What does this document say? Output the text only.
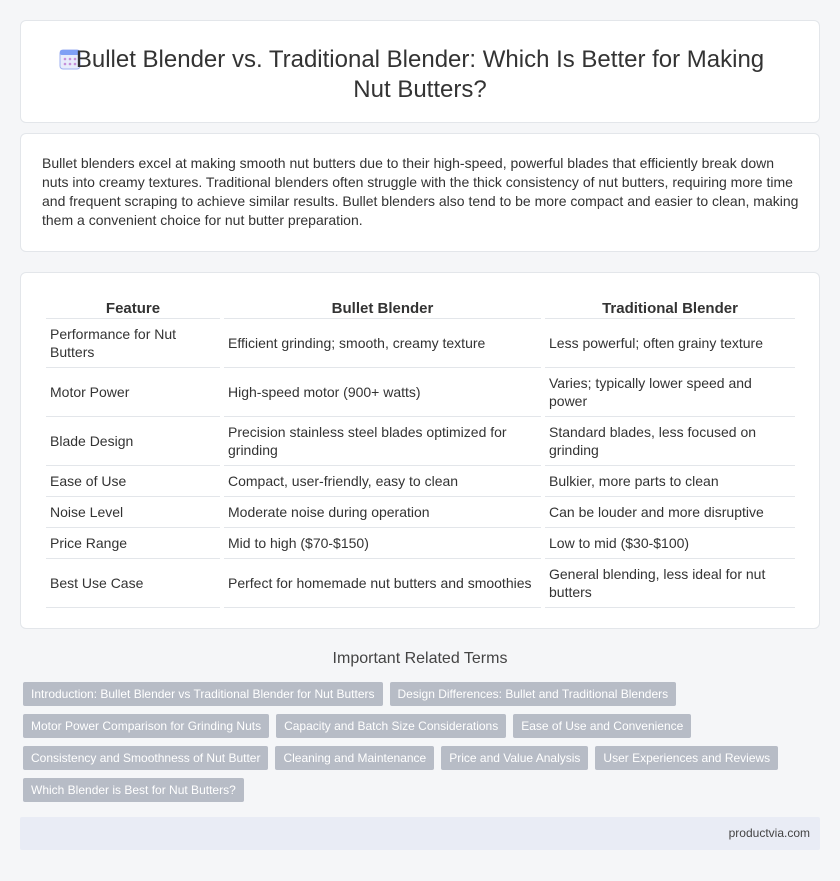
Bullet Blender vs. Traditional Blender: Which Is Better for Making Nut Butters?

Bullet blenders excel at making smooth nut butters due to their high-speed, powerful blades that efficiently break down nuts into creamy textures. Traditional blenders often struggle with the thick consistency of nut butters, requiring more time and frequent scraping to achieve similar results. Bullet blenders also tend to be more compact and easier to clean, making them a convenient choice for nut butter preparation.

Feature	Bullet Blender	Traditional Blender
Performance for Nut Butters	Efficient grinding; smooth, creamy texture	Less powerful; often grainy texture
Motor Power	High-speed motor (900+ watts)	Varies; typically lower speed and power
Blade Design	Precision stainless steel blades optimized for grinding	Standard blades, less focused on grinding
Ease of Use	Compact, user-friendly, easy to clean	Bulkier, more parts to clean
Noise Level	Moderate noise during operation	Can be louder and more disruptive
Price Range	Mid to high ($70-$150)	Low to mid ($30-$100)
Best Use Case	Perfect for homemade nut butters and smoothies	General blending, less ideal for nut butters
Important Related Terms
Introduction: Bullet Blender vs Traditional Blender for Nut Butters	Design Differences: Bullet and Traditional Blenders
Motor Power Comparison for Grinding Nuts	Capacity and Batch Size Considerations	Ease of Use and Convenience
Consistency and Smoothness of Nut Butter	Cleaning and Maintenance	Price and Value Analysis	User Experiences and Reviews
Which Blender is Best for Nut Butters?
productvia.com
